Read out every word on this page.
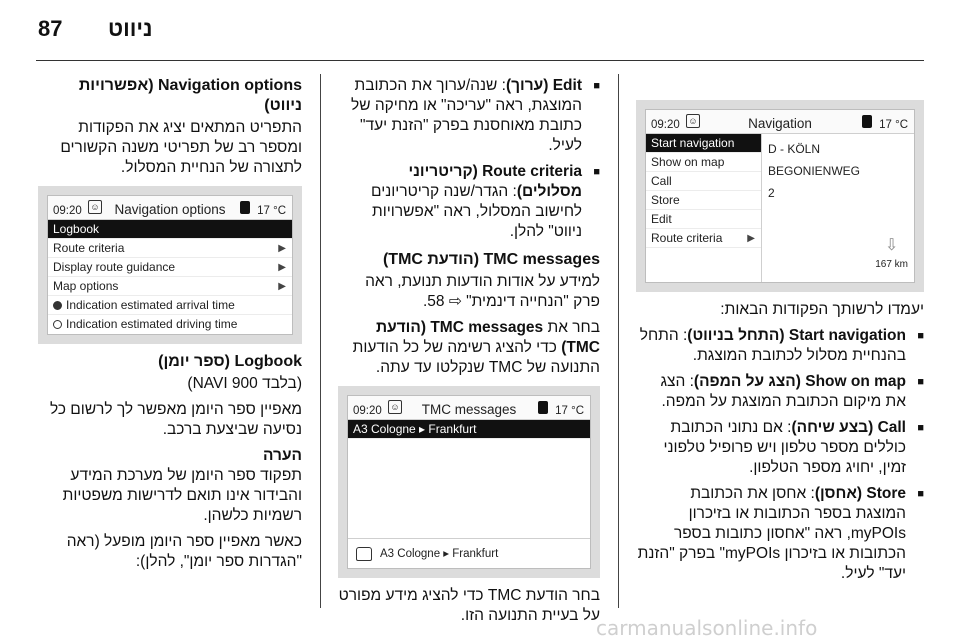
87 ניווט
Navigation options (אפשרויות ניווט)
התפריט המתאים יציג את הפקודות ומספר רב של תפריטי משנה הקשורים לתצורה של הנחיית המסלול.
09:20 ☺	Navigation options	17 °C
Logbook
Route criteria	▶
Display route guidance	▶
Map options	▶
Indication estimated arrival time
Indication estimated driving time
Logbook (ספר יומן)
(בלבד NAVI 900)
מאפיין ספר היומן מאפשר לך לרשום כל נסיעה שביצעת ברכב.
הערה
תפקוד ספר היומן של מערכת המידע והבידור אינו תואם לדרישות משפטיות רשמיות כלשהן.
כאשר מאפיין ספר היומן מופעל (ראה "הגדרות ספר יומן", להלן):
■ Edit (ערוך): שנה/ערוך את הכתובת המוצגת, ראה "עריכה" או מחיקה של כתובת מאוחסנת בפרק "הזנת יעד" לעיל.
■ Route criteria (קריטריוני מסלולים): הגדר/שנה קריטריונים לחישוב המסלול, ראה "אפשרויות ניווט" להלן.
TMC messages (הודעת TMC)
למידע על אודות הודעות תנועת, ראה פרק "הנחייה דינמית" ⇨ 58.
בחר את TMC messages (הודעת TMC) כדי להציג רשימה של כל הודעות התנועה של TMC שנקלטו עד עתה.
09:20 ☺	TMC messages	17 °C
A3 Cologne ▸ Frankfurt
A3 Cologne ▸ Frankfurt
בחר הודעת TMC כדי להציג מידע מפורט על בעיית התנועה הזו.
09:20 ☺	Navigation	17 °C
Start navigation
Show on map
Call
Store
Edit
Route criteria ▶
D - KÖLN
BEGONIENWEG
2
⇩
167 km
יעמדו לרשותך הפקודות הבאות:
■ Start navigation (התחל בניווט): התחל בהנחיית מסלול לכתובת המוצגת.
■ Show on map (הצג על המפה): הצג את מיקום הכתובת המוצגת על המפה.
■ Call (בצע שיחה): אם נתוני הכתובת כוללים מספר טלפון ויש פרופיל טלפוני זמין, יחויג מספר הטלפון.
■ Store (אחסן): אחסן את הכתובת המוצגת בספר הכתובות או בזיכרון myPOIs, ראה "אחסון כתובות בספר הכתובות או בזיכרון myPOIs" בפרק "הזנת יעד" לעיל.
carmanualsonline.info
